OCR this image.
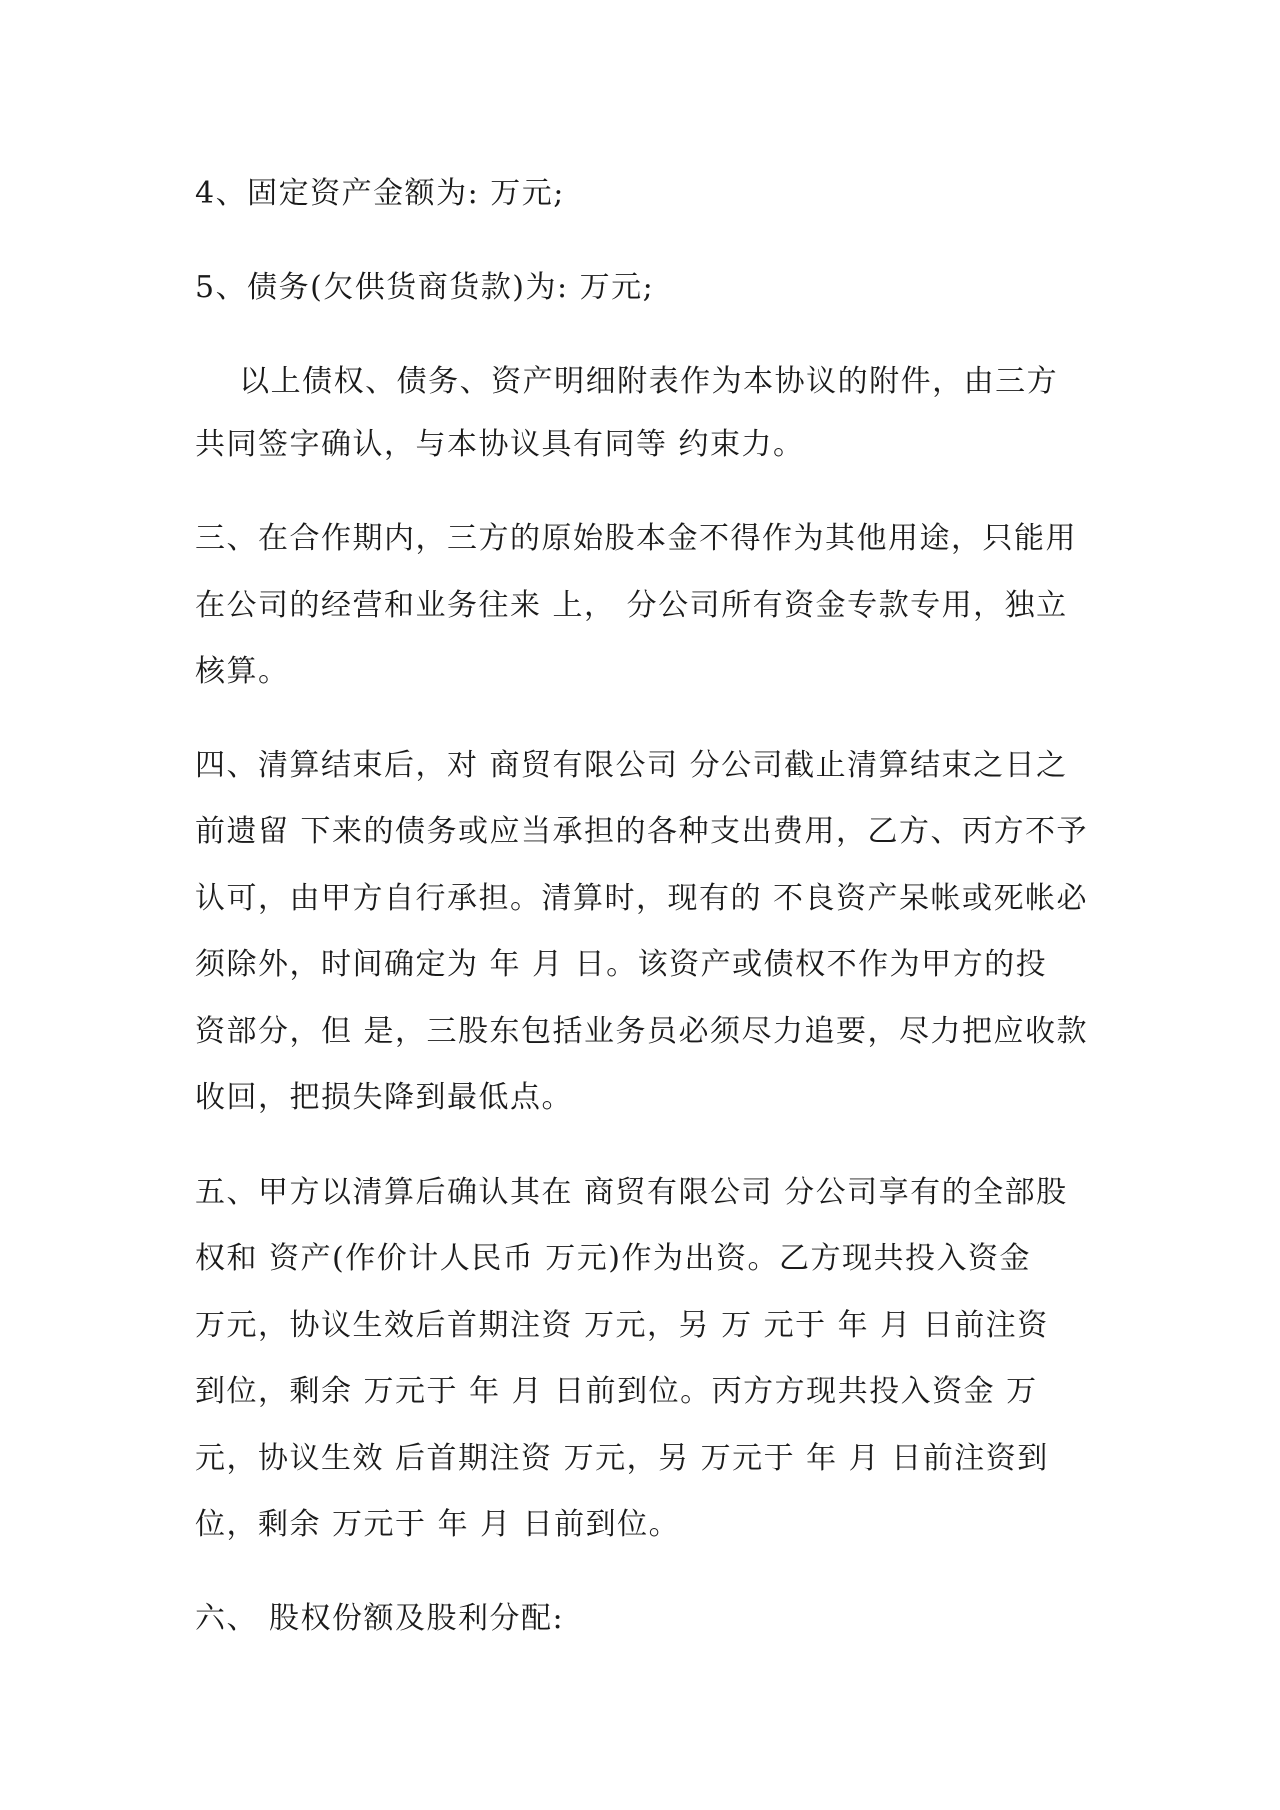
4、固定资产金额为: 万元;
5、债务(欠供货商货款)为: 万元;
以上债权、债务、资产明细附表作为本协议的附件，由三方
共同签字确认，与本协议具有同等 约束力。
三、在合作期内，三方的原始股本金不得作为其他用途，只能用
在公司的经营和业务往来 上， 分公司所有资金专款专用，独立
核算。
四、清算结束后，对 商贸有限公司 分公司截止清算结束之日之
前遗留 下来的债务或应当承担的各种支出费用，乙方、丙方不予
认可，由甲方自行承担。清算时，现有的 不良资产呆帐或死帐必
须除外，时间确定为 年 月 日。该资产或债权不作为甲方的投
资部分，但 是，三股东包括业务员必须尽力追要，尽力把应收款
收回，把损失降到最低点。
五、甲方以清算后确认其在 商贸有限公司 分公司享有的全部股
权和 资产(作价计人民币 万元)作为出资。乙方现共投入资金
万元，协议生效后首期注资 万元，另 万 元于 年 月 日前注资
到位，剩余 万元于 年 月 日前到位。丙方方现共投入资金 万
元，协议生效 后首期注资 万元，另 万元于 年 月 日前注资到
位，剩余 万元于 年 月 日前到位。
六、 股权份额及股利分配:
